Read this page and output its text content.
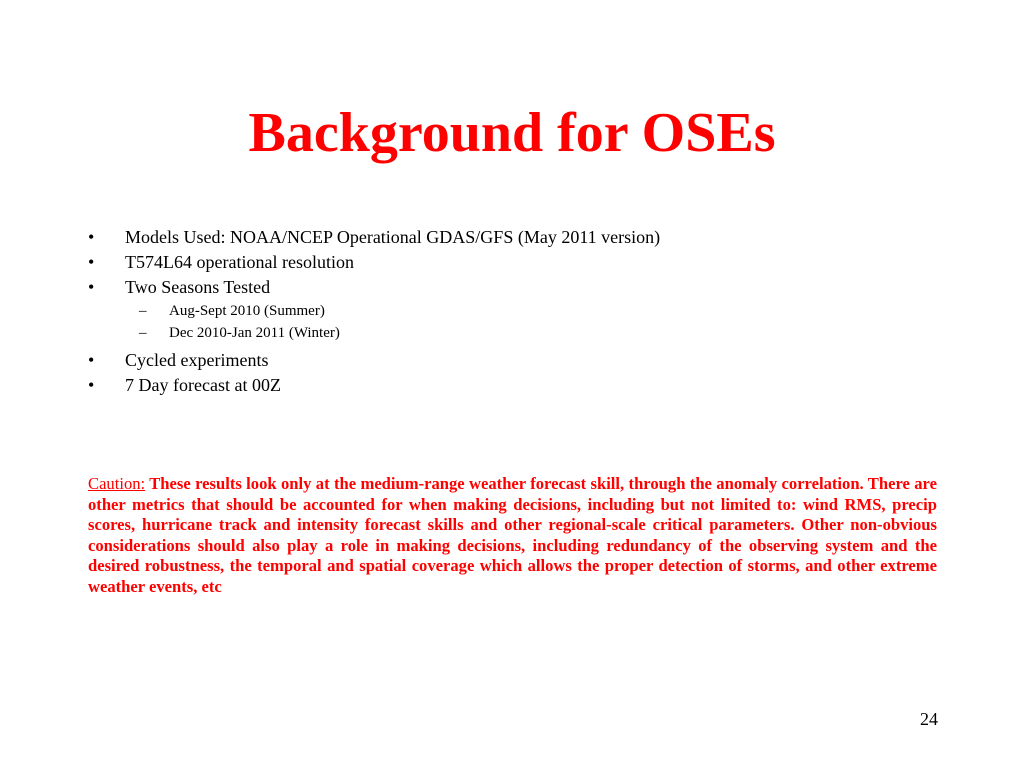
Background for OSEs
• Models Used: NOAA/NCEP Operational GDAS/GFS (May 2011 version)
• T574L64 operational resolution
• Two Seasons Tested
– Aug-Sept 2010 (Summer)
– Dec 2010-Jan 2011 (Winter)
• Cycled experiments
• 7 Day forecast at 00Z

Caution: These results look only at the medium-range weather forecast skill, through the anomaly correlation. There are other metrics that should be accounted for when making decisions, including but not limited to: wind RMS, precip scores, hurricane track and intensity forecast skills and other regional-scale critical parameters. Other non-obvious considerations should also play a role in making decisions, including redundancy of the observing system and the desired robustness, the temporal and spatial coverage which allows the proper detection of storms, and other extreme weather events, etc

24
